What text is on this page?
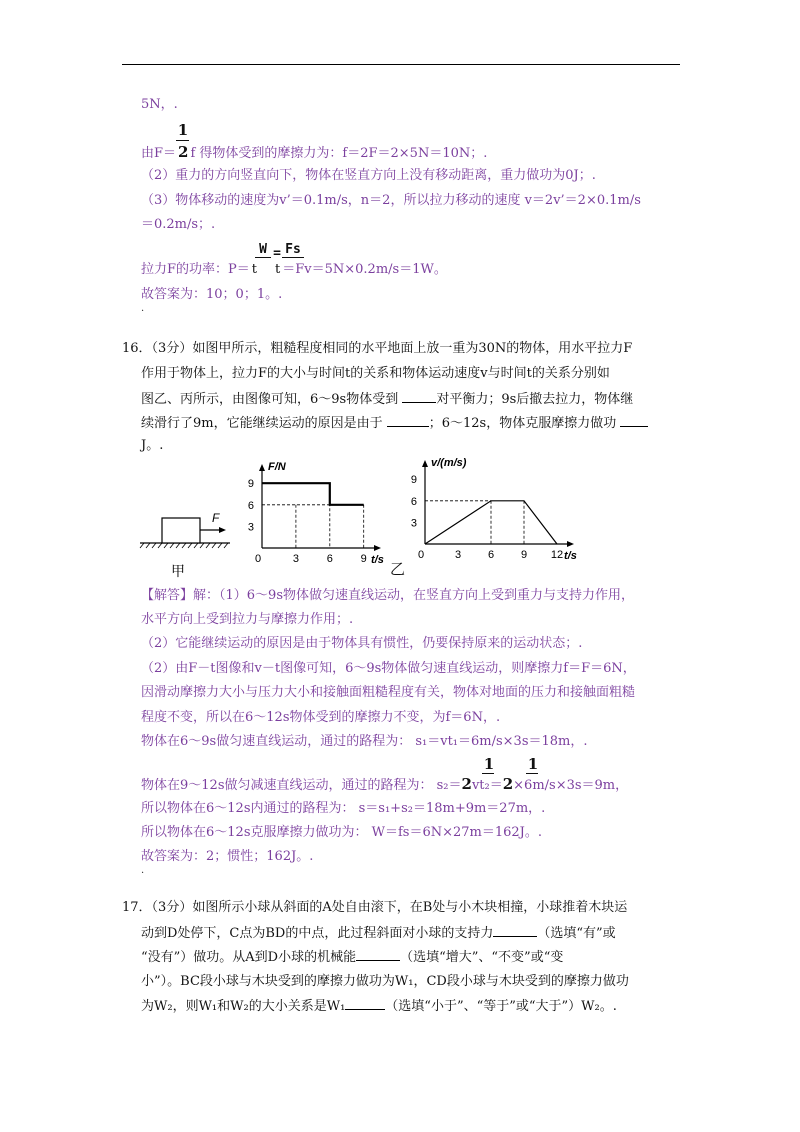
5N，.
1
由F＝ 2 f 得物体受到的摩擦力为：f＝2F＝2×5N＝10N；.
（2）重力的方向竖直向下，物体在竖直方向上没有移动距离，重力做功为0J；.
（3）物体移动的速度为v’＝0.1m/s，n＝2，所以拉力移动的速度 v＝2v’＝2×0.1m/s
＝0.2m/s；.
W = Fs
拉力F的功率：P＝ t t ＝Fv＝5N×0.2m/s＝1W。
故答案为：10；0；1。.
·
16．（3分）如图甲所示，粗糙程度相同的水平地面上放一重为30N的物体，用水平拉力F
作用于物体上，拉力F的大小与时间t的关系和物体运动速度v与时间t的关系分别如
图乙、丙所示，由图像可知，6～9s物体受到	对平衡力；9s后撤去拉力，物体继
续滑行了9m，它能继续运动的原因是由于	；6～12s，物体克服摩擦力做功
J。.
F
甲
F/N
t/s
0	3	6	9
3
6
9
乙
v/(m/s)
t/s
0	3 6 9 12
3
6
9
【解答】解：（1）6～9s物体做匀速直线运动，在竖直方向上受到重力与支持力作用，
水平方向上受到拉力与摩擦力作用；.
（2）它能继续运动的原因是由于物体具有惯性，仍要保持原来的运动状态；.
（2）由F－t图像和v－t图像可知，6～9s物体做匀速直线运动，则摩擦力f＝F＝6N，
因滑动摩擦力大小与压力大小和接触面粗糙程度有关，物体对地面的压力和接触面粗糙
程度不变，所以在6～12s物体受到的摩擦力不变，为f＝6N，.
物体在6～9s做匀速直线运动，通过的路程为： s₁＝vt₁＝6m/s×3s＝18m，.
1 1
物体在9～12s做匀减速直线运动，通过的路程为： s₂＝2vt₂＝2×6m/s×3s＝9m，
所以物体在6～12s内通过的路程为： s＝s₁+s₂＝18m+9m＝27m，.
所以物体在6～12s克服摩擦力做功为： W＝fs＝6N×27m＝162J。.
故答案为：2；惯性；162J。.
·
17．（3分）如图所示小球从斜面的A处自由滚下，在B处与小木块相撞，小球推着木块运
动到D处停下，C点为BD的中点，此过程斜面对小球的支持力	（选填“有”或
“没有”）做功。从A到D小球的机械能	（选填“增大”、“不变”或“变
小”）。BC段小球与木块受到的摩擦力做功为W₁，CD段小球与木块受到的摩擦力做功
为W₂，则W₁和W₂的大小关系是W₁	（选填“小于”、“等于”或“大于”）W₂。.
